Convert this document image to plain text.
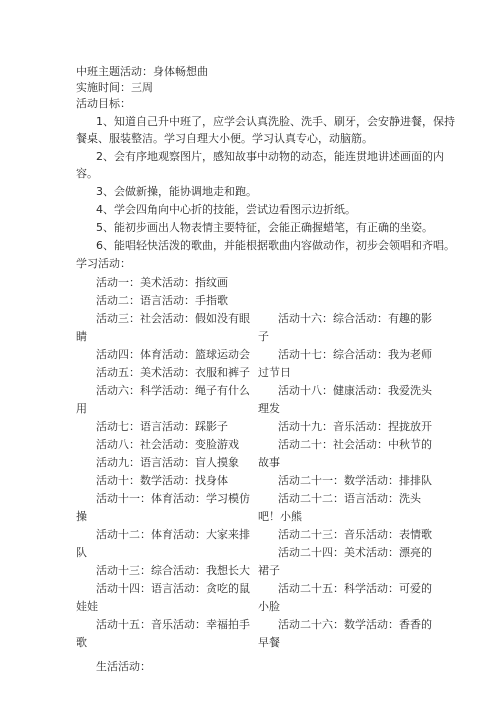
中班主题活动：身体畅想曲
实施时间：三周
活动目标：
1、知道自己升中班了，应学会认真洗脸、洗手、刷牙，会安静进餐，保持
餐桌、服装整洁。学习自理大小便。学习认真专心，动脑筋。
2、会有序地观察图片，感知故事中动物的动态，能连贯地讲述画面的内
容。
3、会做新操，能协调地走和跑。
4、学会四角向中心折的技能，尝试边看图示边折纸。
5、能初步画出人物表情主要特征，会能正确握蜡笔，有正确的坐姿。
6、能唱轻快活泼的歌曲，并能根据歌曲内容做动作，初步会领唱和齐唱。
学习活动：
活动一：美术活动：指纹画
活动二：语言活动：手指歌
活动三：社会活动：假如没有眼
睛
活动四：体育活动：篮球运动会
活动五：美术活动：衣服和裤子
活动六：科学活动：绳子有什么
用
活动七：语言活动：踩影子
活动八：社会活动：变脸游戏
活动九：语言活动：盲人摸象
活动十：数学活动：找身体
活动十一：体育活动：学习模仿
操
活动十二：体育活动：大家来排
队
活动十三：综合活动：我想长大
活动十四：语言活动：贪吃的鼠
娃娃
活动十五：音乐活动：幸福拍手
歌
活动十六：综合活动：有趣的影
子
活动十七：综合活动：我为老师
过节日
活动十八：健康活动：我爱洗头
理发
活动十九：音乐活动：捏拢放开
活动二十：社会活动：中秋节的
故事
活动二十一：数学活动：排排队
活动二十二：语言活动：洗头
吧！小熊
活动二十三：音乐活动：表情歌
活动二十四：美术活动：漂亮的
裙子
活动二十五：科学活动：可爱的
小脸
活动二十六：数学活动：香香的
早餐
生活活动：
